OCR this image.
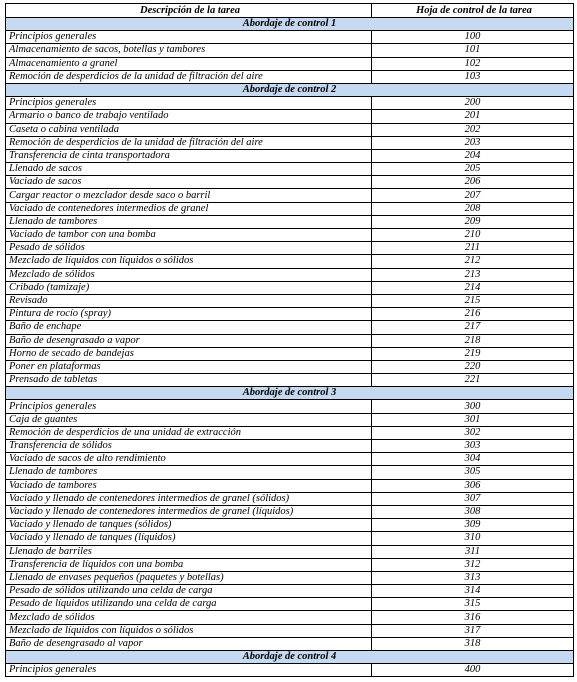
Descripción de la tarea	Hoja de control de la tarea
Abordaje de control 1	
Principios generales	100
Almacenamiento de sacos, botellas y tambores	101
Almacenamiento a granel	102
Remoción de desperdicios de la unidad de filtración del aire	103
Abordaje de control 2	
Principios generales	200
Armario o banco de trabajo ventilado	201
Caseta o cabina ventilada	202
Remoción de desperdicios de la unidad de filtración del aire	203
Transferencia de cinta transportadora	204
Llenado de sacos	205
Vaciado de sacos	206
Cargar reactor o mezclador desde saco o barril	207
Vaciado de contenedores intermedios de granel	208
Llenado de tambores	209
Vaciado de tambor con una bomba	210
Pesado de sólidos	211
Mezclado de líquidos con líquidos o sólidos	212
Mezclado de sólidos	213
Cribado (tamizaje)	214
Revisado	215
Pintura de rocío (spray)	216
Baño de enchape	217
Baño de desengrasado a vapor	218
Horno de secado de bandejas	219
Poner en plataformas	220
Prensado de tabletas	221
Abordaje de control 3	
Principios generales	300
Caja de guantes	301
Remoción de desperdicios de una unidad de extracción	302
Transferencia de sólidos	303
Vaciado de sacos de alto rendimiento	304
Llenado de tambores	305
Vaciado de tambores	306
Vaciado y llenado de contenedores intermedios de granel (sólidos)	307
Vaciado y llenado de contenedores intermedios de granel (líquidos)	308
Vaciado y llenado de tanques (sólidos)	309
Vaciado y llenado de tanques (líquidos)	310
Llenado de barriles	311
Transferencia de líquidos con una bomba	312
Llenado de envases pequeños (paquetes y botellas)	313
Pesado de sólidos utilizando una celda de carga	314
Pesado de líquidos utilizando una celda de carga	315
Mezclado de sólidos	316
Mezclado de líquidos con líquidos o sólidos	317
Baño de desengrasado al vapor	318
Abordaje de control 4	
Principios generales	400
